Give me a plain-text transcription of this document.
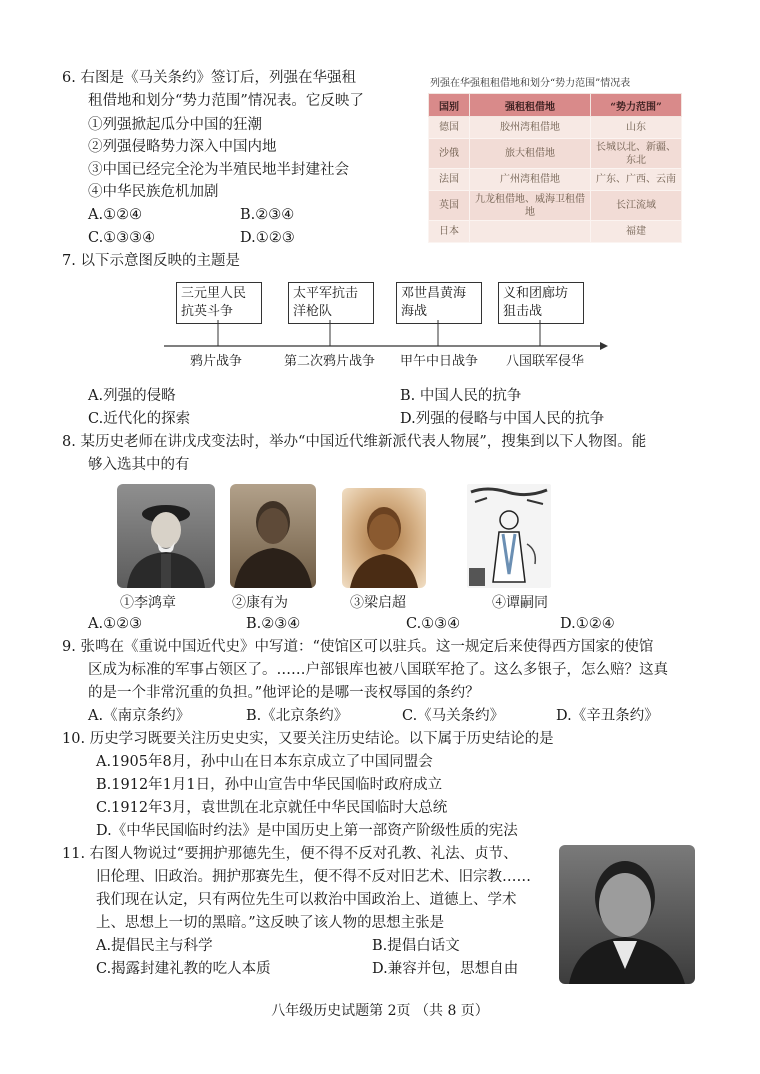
6. 右图是《马关条约》签订后，列强在华强租
租借地和划分“势力范围”情况表。它反映了
①列强掀起瓜分中国的狂潮
②列强侵略势力深入中国内地
③中国已经完全沦为半殖民地半封建社会
④中华民族危机加剧
A.①②④	B.②③④
C.①③③④	D.①②③
列强在华强租租借地和划分“势力范围”情况表
国别	强租租借地	“势力范围”
德国	胶州湾租借地	山东
沙俄	旅大租借地	长城以北、新疆、东北
法国	广州湾租借地	广东、广西、云南
英国	九龙租借地、威海卫租借地	长江流域
日本		福建
7. 以下示意图反映的主题是
三元里人民抗英斗争
太平军抗击洋枪队
邓世昌黄海海战
义和团廊坊狙击战
鸦片战争	第二次鸦片战争 甲午中日战争 八国联军侵华
A.列强的侵略	B. 中国人民的抗争
C.近代化的探索	D.列强的侵略与中国人民的抗争
8. 某历史老师在讲戊戌变法时，举办“中国近代维新派代表人物展”，搜集到以下人物图。能
够入选其中的有
①李鸿章	②康有为	③梁启超	④谭嗣同
A.①②③	B.②③④	C.①③④	D.①②④
9. 张鸣在《重说中国近代史》中写道：“使馆区可以驻兵。这一规定后来使得西方国家的使馆
区成为标准的军事占领区了。……户部银库也被八国联军抢了。这么多银子，怎么赔？这真
的是一个非常沉重的负担。”他评论的是哪一丧权辱国的条约？
A.《南京条约》	B.《北京条约》	C.《马关条约》	D.《辛丑条约》
10. 历史学习既要关注历史史实，又要关注历史结论。以下属于历史结论的是
A.1905年8月，孙中山在日本东京成立了中国同盟会
B.1912年1月1日，孙中山宣告中华民国临时政府成立
C.1912年3月，袁世凯在北京就任中华民国临时大总统
D.《中华民国临时约法》是中国历史上第一部资产阶级性质的宪法
11. 右图人物说过“要拥护那德先生，便不得不反对孔教、礼法、贞节、
旧伦理、旧政治。拥护那赛先生，便不得不反对旧艺术、旧宗教……
我们现在认定，只有两位先生可以救治中国政治上、道德上、学术
上、思想上一切的黑暗。”这反映了该人物的思想主张是
A.提倡民主与科学	B.提倡白话文
C.揭露封建礼教的吃人本质	D.兼容并包，思想自由
八年级历史试题第 2页 （共 8 页）
